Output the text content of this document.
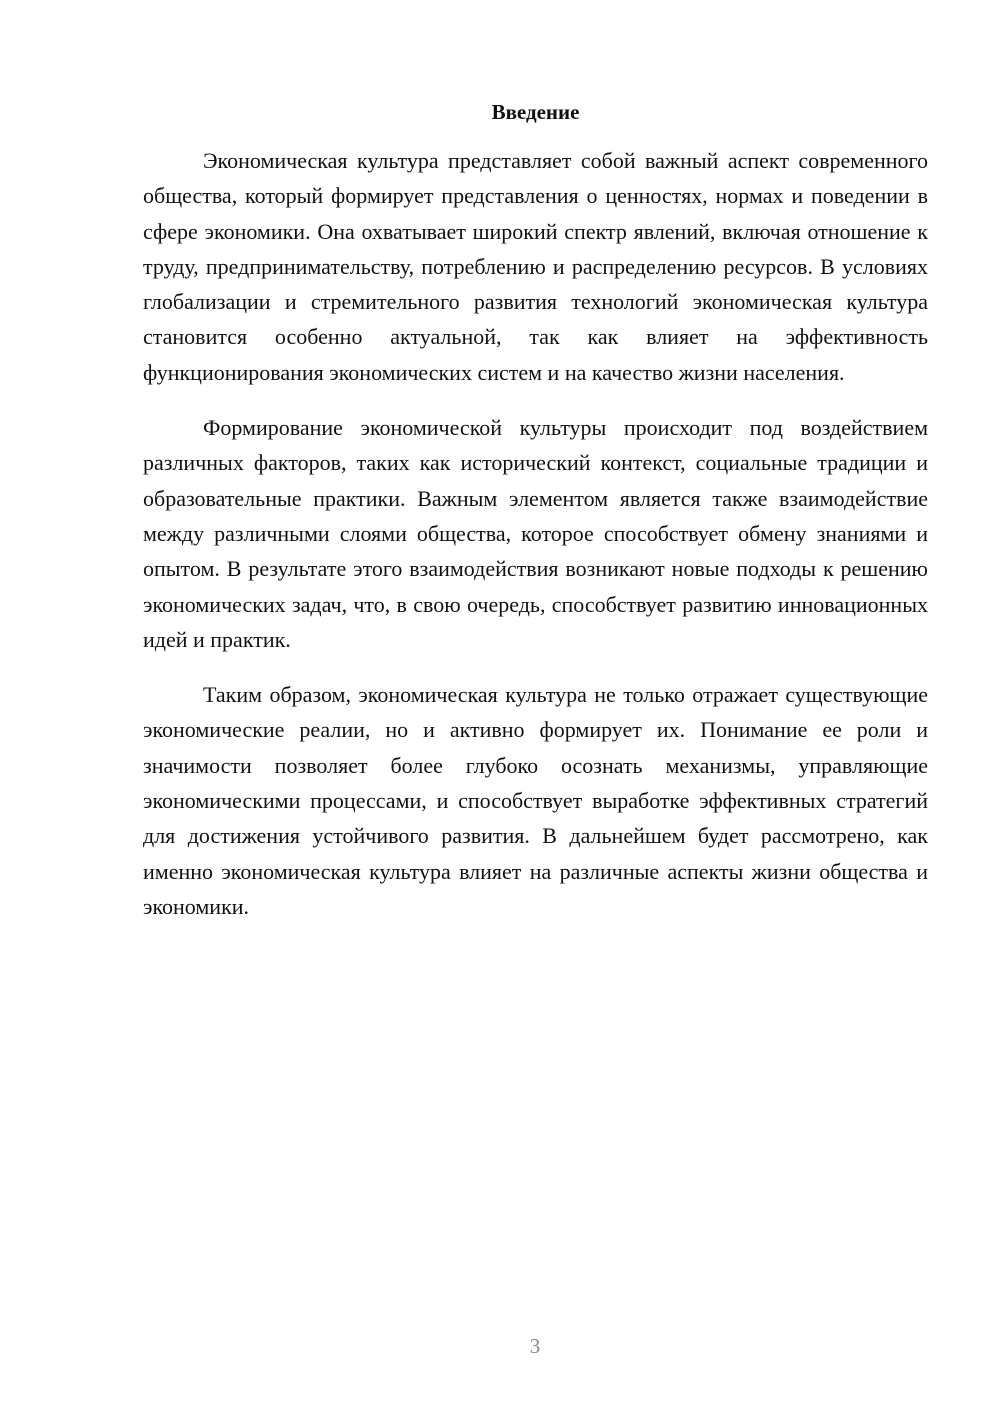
Введение

Экономическая культура представляет собой важный аспект современного общества, который формирует представления о ценностях, нормах и поведении в сфере экономики. Она охватывает широкий спектр явлений, включая отношение к труду, предпринимательству, потреблению и распределению ресурсов. В условиях глобализации и стремительного развития технологий экономическая культура становится особенно актуальной, так как влияет на эффективность функционирования экономических систем и на качество жизни населения.

Формирование экономической культуры происходит под воздействием различных факторов, таких как исторический контекст, социальные традиции и образовательные практики. Важным элементом является также взаимодействие между различными слоями общества, которое способствует обмену знаниями и опытом. В результате этого взаимодействия возникают новые подходы к решению экономических задач, что, в свою очередь, способствует развитию инновационных идей и практик.

Таким образом, экономическая культура не только отражает существующие экономические реалии, но и активно формирует их. Понимание ее роли и значимости позволяет более глубоко осознать механизмы, управляющие экономическими процессами, и способствует выработке эффективных стратегий для достижения устойчивого развития. В дальнейшем будет рассмотрено, как именно экономическая культура влияет на различные аспекты жизни общества и экономики.

3
